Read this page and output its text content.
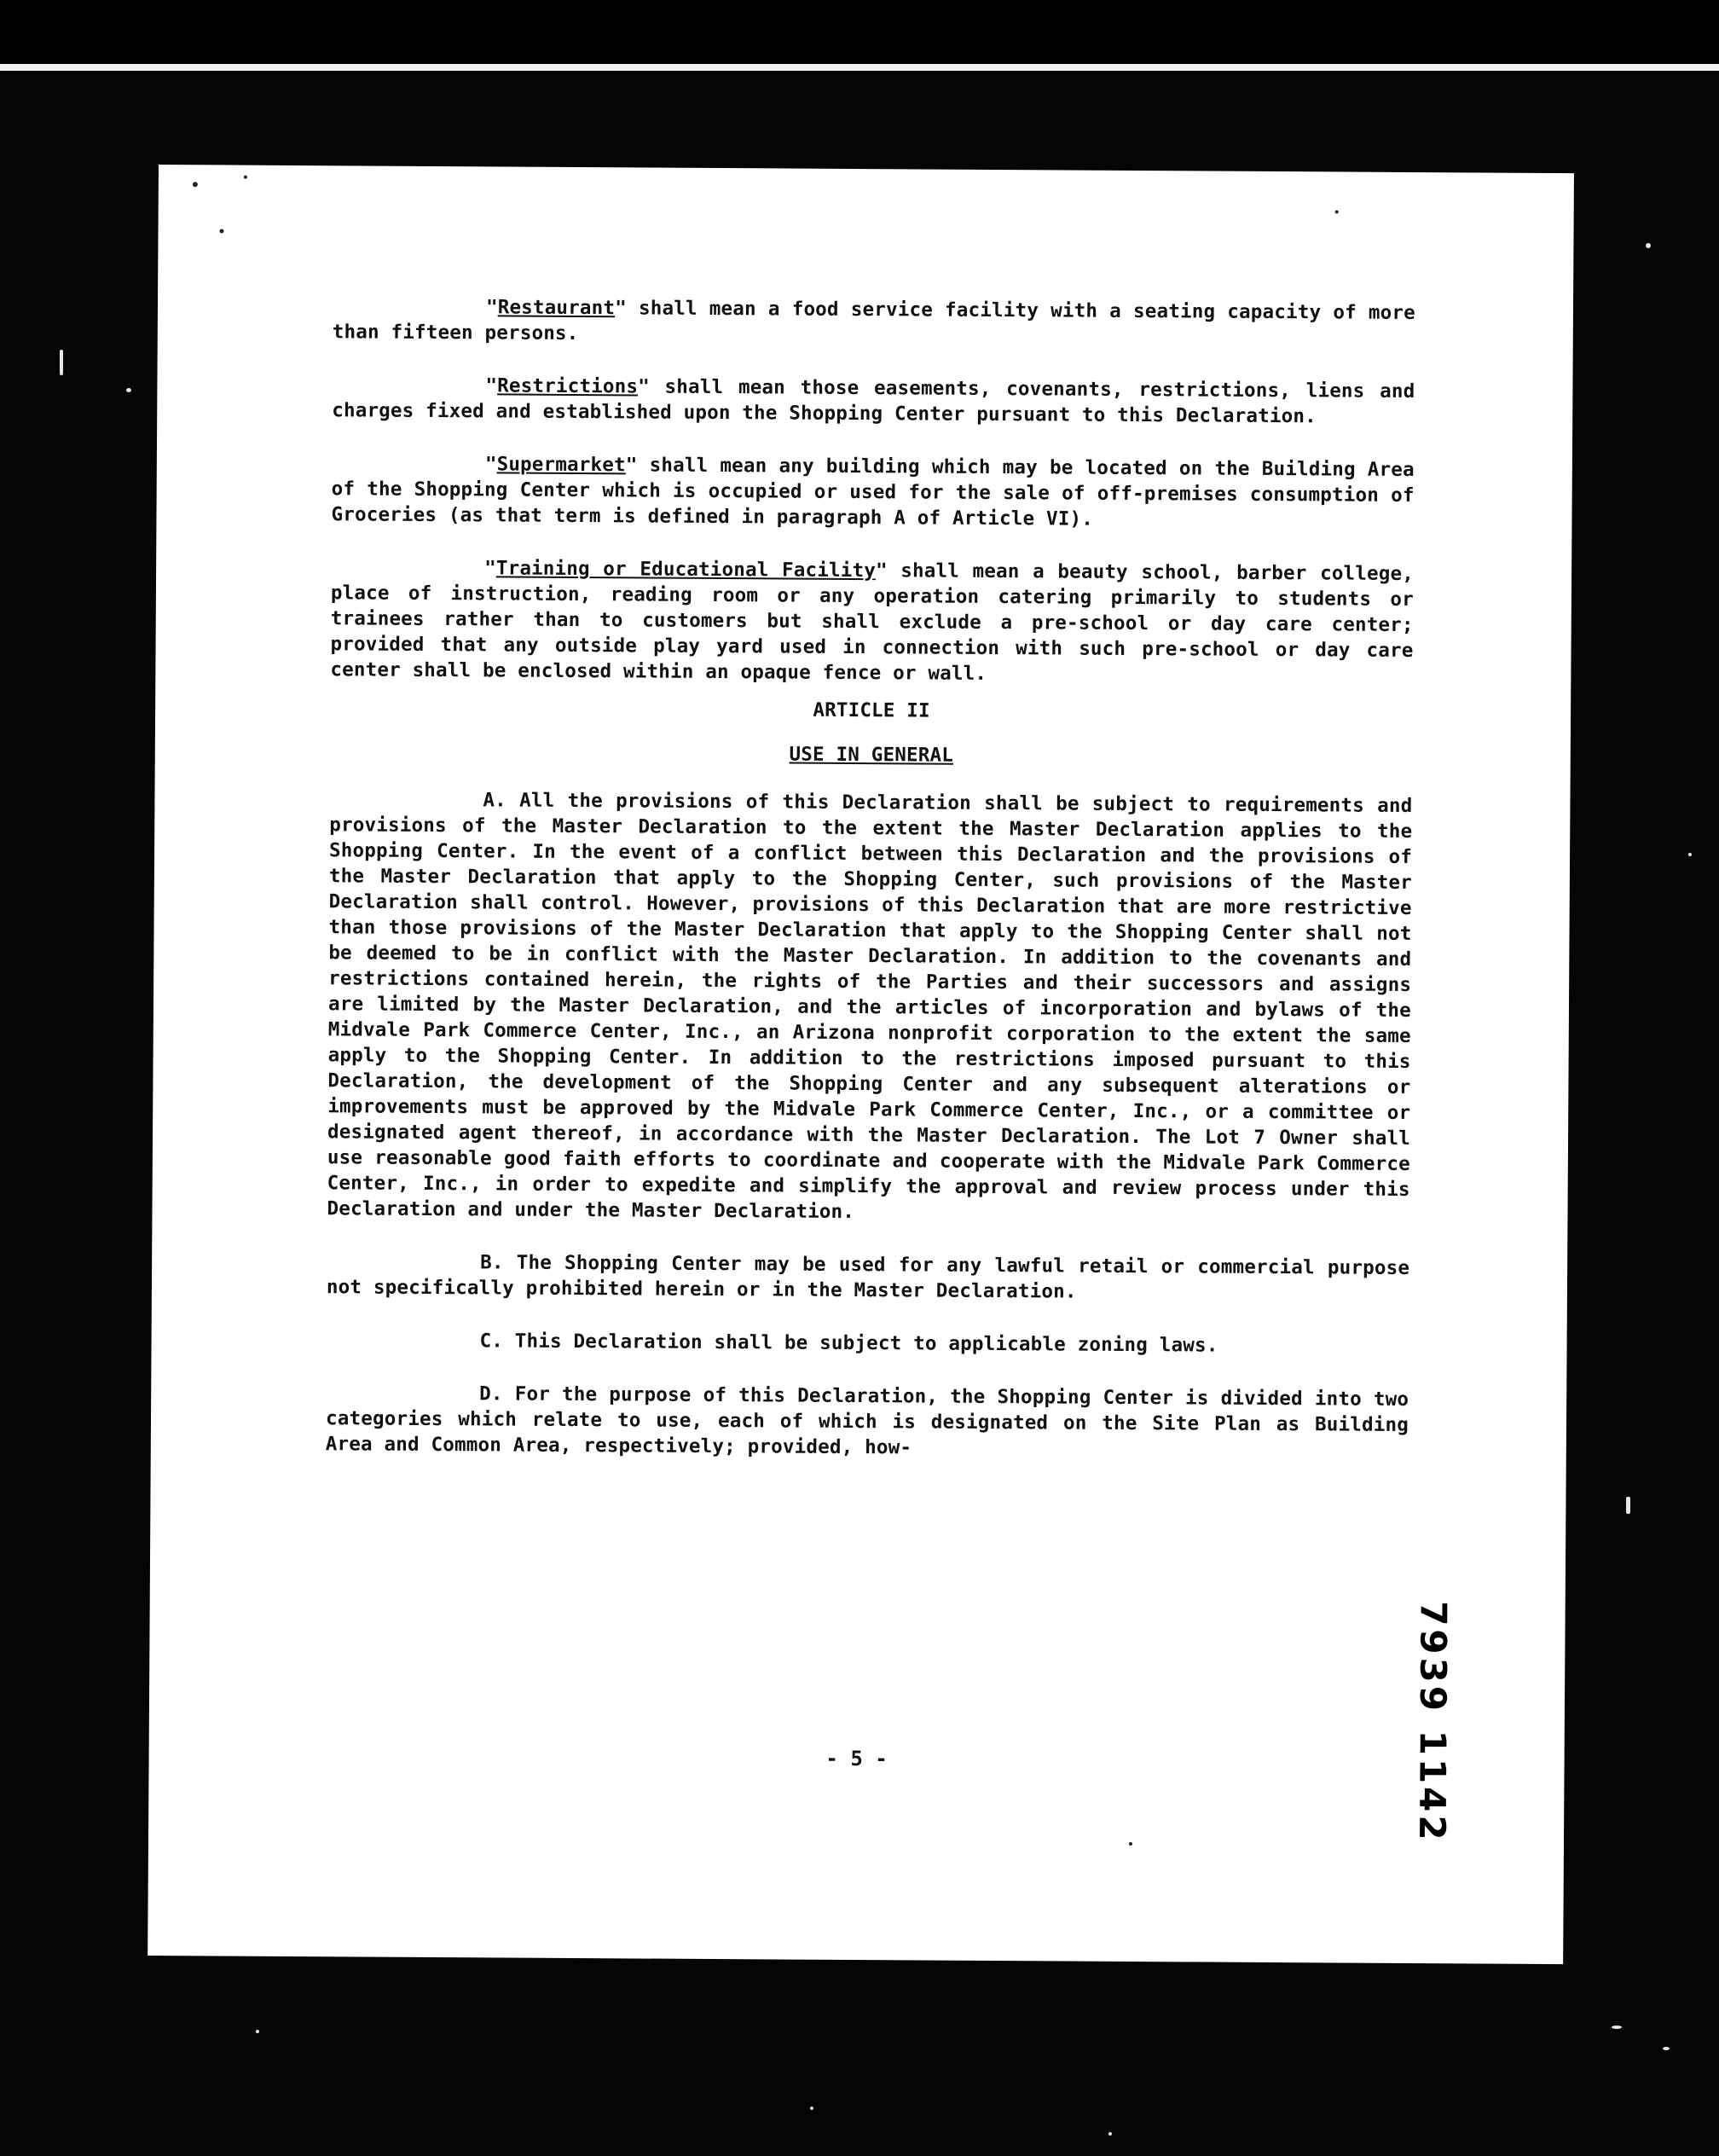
"Restaurant" shall mean a food service facility with a seating capacity of more than fifteen persons.

"Restrictions" shall mean those easements, covenants, restrictions, liens and charges fixed and established upon the Shopping Center pursuant to this Declaration.

"Supermarket" shall mean any building which may be located on the Building Area of the Shopping Center which is occupied or used for the sale of off-premises consumption of Groceries (as that term is defined in paragraph A of Article VI).

"Training or Educational Facility" shall mean a beauty school, barber college, place of instruction, reading room or any operation catering primarily to students or trainees rather than to customers but shall exclude a pre-school or day care center; provided that any outside play yard used in connection with such pre-school or day care center shall be enclosed within an opaque fence or wall.

ARTICLE II
USE IN GENERAL

A. All the provisions of this Declaration shall be subject to requirements and provisions of the Master Declaration to the extent the Master Declaration applies to the Shopping Center. In the event of a conflict between this Declaration and the provisions of the Master Declaration that apply to the Shopping Center, such provisions of the Master Declaration shall control. However, provisions of this Declaration that are more restrictive than those provisions of the Master Declaration that apply to the Shopping Center shall not be deemed to be in conflict with the Master Declaration. In addition to the covenants and restrictions contained herein, the rights of the Parties and their successors and assigns are limited by the Master Declaration, and the articles of incorporation and bylaws of the Midvale Park Commerce Center, Inc., an Arizona nonprofit corporation to the extent the same apply to the Shopping Center. In addition to the restrictions imposed pursuant to this Declaration, the development of the Shopping Center and any subsequent alterations or improvements must be approved by the Midvale Park Commerce Center, Inc., or a committee or designated agent thereof, in accordance with the Master Declaration. The Lot 7 Owner shall use reasonable good faith efforts to coordinate and cooperate with the Midvale Park Commerce Center, Inc., in order to expedite and simplify the approval and review process under this Declaration and under the Master Declaration.

B. The Shopping Center may be used for any lawful retail or commercial purpose not specifically prohibited herein or in the Master Declaration.

C. This Declaration shall be subject to applicable zoning laws.

D. For the purpose of this Declaration, the Shopping Center is divided into two categories which relate to use, each of which is designated on the Site Plan as Building Area and Common Area, respectively; provided, how-

- 5 -	7939 1142
